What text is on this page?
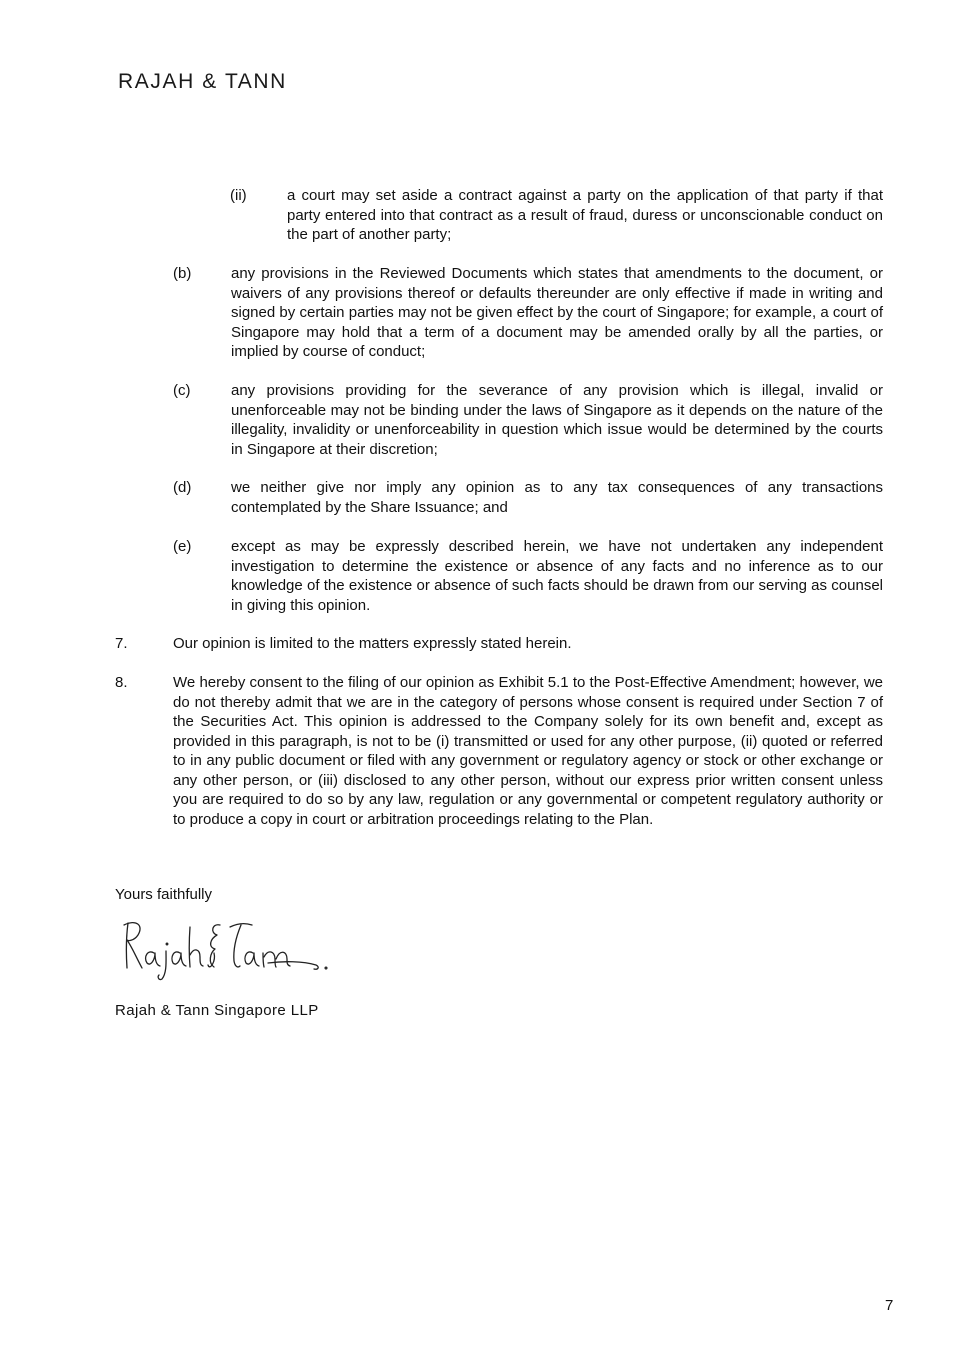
RAJAH & TANN
(ii)	a court may set aside a contract against a party on the application of that party if that party entered into that contract as a result of fraud, duress or unconscionable conduct on the part of another party;
(b)	any provisions in the Reviewed Documents which states that amendments to the document, or waivers of any provisions thereof or defaults thereunder are only effective if made in writing and signed by certain parties may not be given effect by the court of Singapore; for example, a court of Singapore may hold that a term of a document may be amended orally by all the parties, or implied by course of conduct;
(c)	any provisions providing for the severance of any provision which is illegal, invalid or unenforceable may not be binding under the laws of Singapore as it depends on the nature of the illegality, invalidity or unenforceability in question which issue would be determined by the courts in Singapore at their discretion;
(d)	we neither give nor imply any opinion as to any tax consequences of any transactions contemplated by the Share Issuance; and
(e)	except as may be expressly described herein, we have not undertaken any independent investigation to determine the existence or absence of any facts and no inference as to our knowledge of the existence or absence of such facts should be drawn from our serving as counsel in giving this opinion.
7.	Our opinion is limited to the matters expressly stated herein.
8.	We hereby consent to the filing of our opinion as Exhibit 5.1 to the Post-Effective Amendment; however, we do not thereby admit that we are in the category of persons whose consent is required under Section 7 of the Securities Act. This opinion is addressed to the Company solely for its own benefit and, except as provided in this paragraph, is not to be (i) transmitted or used for any other purpose, (ii) quoted or referred to in any public document or filed with any government or regulatory agency or stock or other exchange or any other person, or (iii) disclosed to any other person, without our express prior written consent unless you are required to do so by any law, regulation or any governmental or competent regulatory authority or to produce a copy in court or arbitration proceedings relating to the Plan.
Yours faithfully
Rajah & Tann Singapore LLP
7
